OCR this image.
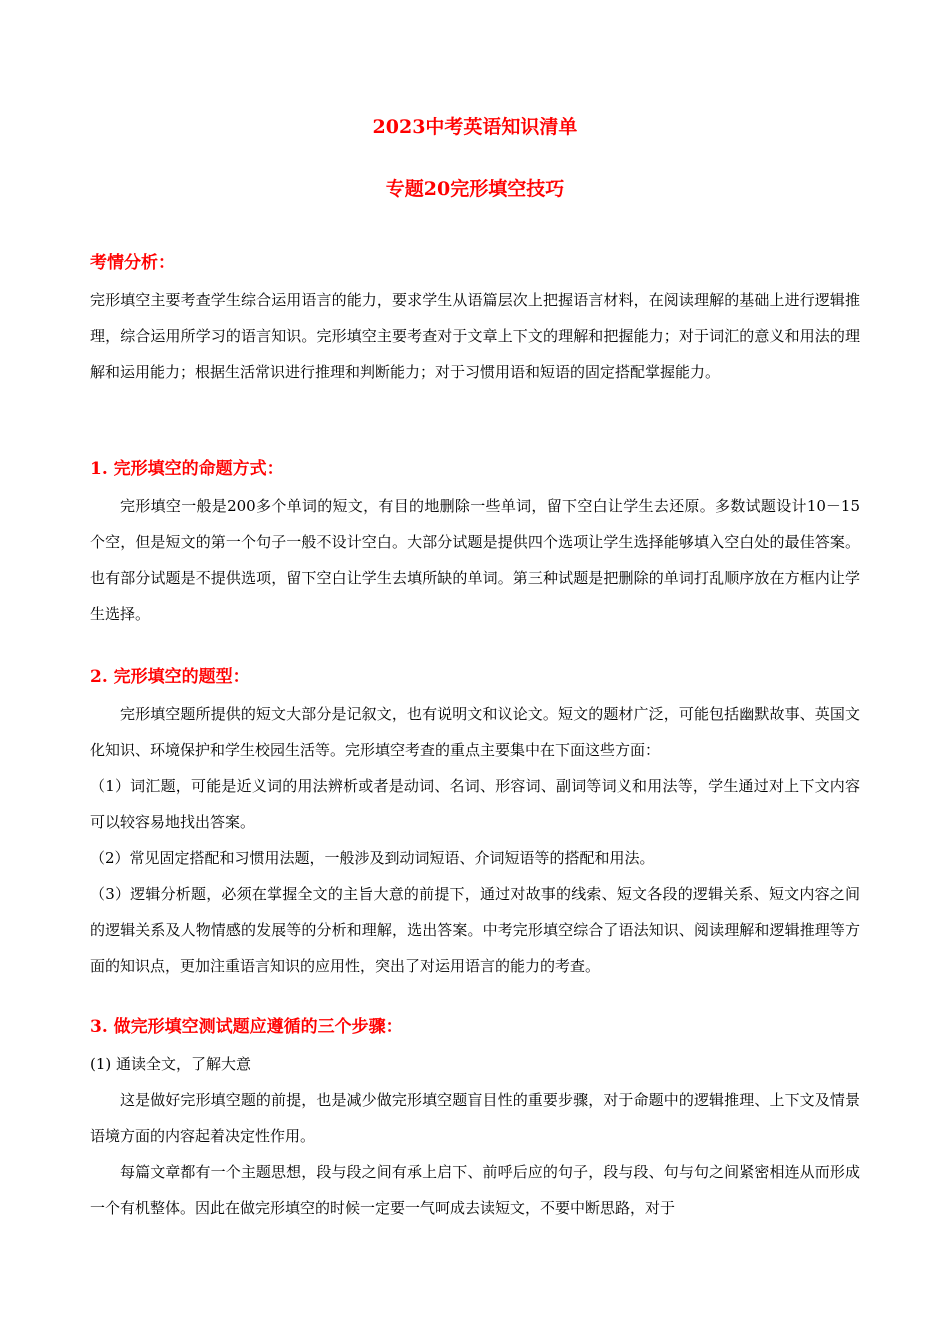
2023中考英语知识清单
专题20完形填空技巧
考情分析：
完形填空主要考查学生综合运用语言的能力，要求学生从语篇层次上把握语言材料，在阅读理解的基础上进行逻辑推理，综合运用所学习的语言知识。完形填空主要考查对于文章上下文的理解和把握能力；对于词汇的意义和用法的理解和运用能力；根据生活常识进行推理和判断能力；对于习惯用语和短语的固定搭配掌握能力。
1. 完形填空的命题方式：
完形填空一般是200多个单词的短文，有目的地删除一些单词，留下空白让学生去还原。多数试题设计10－15个空，但是短文的第一个句子一般不设计空白。大部分试题是提供四个选项让学生选择能够填入空白处的最佳答案。也有部分试题是不提供选项，留下空白让学生去填所缺的单词。第三种试题是把删除的单词打乱顺序放在方框内让学生选择。
2. 完形填空的题型：
完形填空题所提供的短文大部分是记叙文，也有说明文和议论文。短文的题材广泛，可能包括幽默故事、英国文化知识、环境保护和学生校园生活等。完形填空考查的重点主要集中在下面这些方面：
（1）词汇题，可能是近义词的用法辨析或者是动词、名词、形容词、副词等词义和用法等，学生通过对上下文内容可以较容易地找出答案。
（2）常见固定搭配和习惯用法题，一般涉及到动词短语、介词短语等的搭配和用法。
（3）逻辑分析题，必须在掌握全文的主旨大意的前提下，通过对故事的线索、短文各段的逻辑关系、短文内容之间的逻辑关系及人物情感的发展等的分析和理解，选出答案。中考完形填空综合了语法知识、阅读理解和逻辑推理等方面的知识点，更加注重语言知识的应用性，突出了对运用语言的能力的考查。
3. 做完形填空测试题应遵循的三个步骤：
(1) 通读全文，了解大意
这是做好完形填空题的前提，也是减少做完形填空题盲目性的重要步骤，对于命题中的逻辑推理、上下文及情景语境方面的内容起着决定性作用。
每篇文章都有一个主题思想，段与段之间有承上启下、前呼后应的句子，段与段、句与句之间紧密相连从而形成一个有机整体。因此在做完形填空的时候一定要一气呵成去读短文，不要中断思路，对于
